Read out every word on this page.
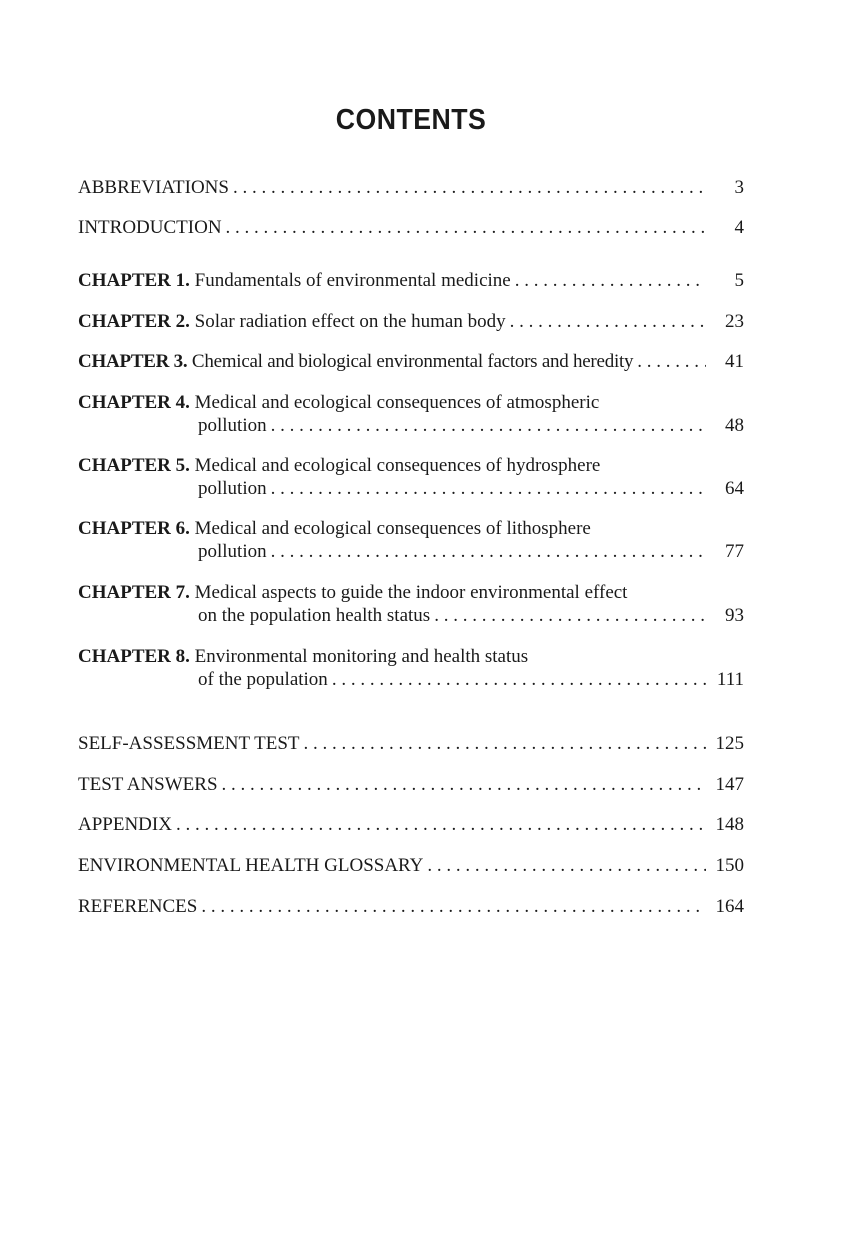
CONTENTS
ABBREVIATIONS . . .	3
INTRODUCTION . . .	4
CHAPTER 1. Fundamentals of environmental medicine . . .	5
CHAPTER 2. Solar radiation effect on the human body . . .	23
CHAPTER 3. Chemical and biological environmental factors and heredity . . .	41
CHAPTER 4. Medical and ecological consequences of atmospheric
pollution . . .	48
CHAPTER 5. Medical and ecological consequences of hydrosphere
pollution . . .	64
CHAPTER 6. Medical and ecological consequences of lithosphere
pollution . . .	77
CHAPTER 7. Medical aspects to guide the indoor environmental effect
on the population health status . . .	93
CHAPTER 8. Environmental monitoring and health status
of the population . . .	111
SELF-ASSESSMENT TEST . . .	125
TEST ANSWERS . . .	147
APPENDIX . . .	148
ENVIRONMENTAL HEALTH GLOSSARY . . .	150
REFERENCES . . .	164
